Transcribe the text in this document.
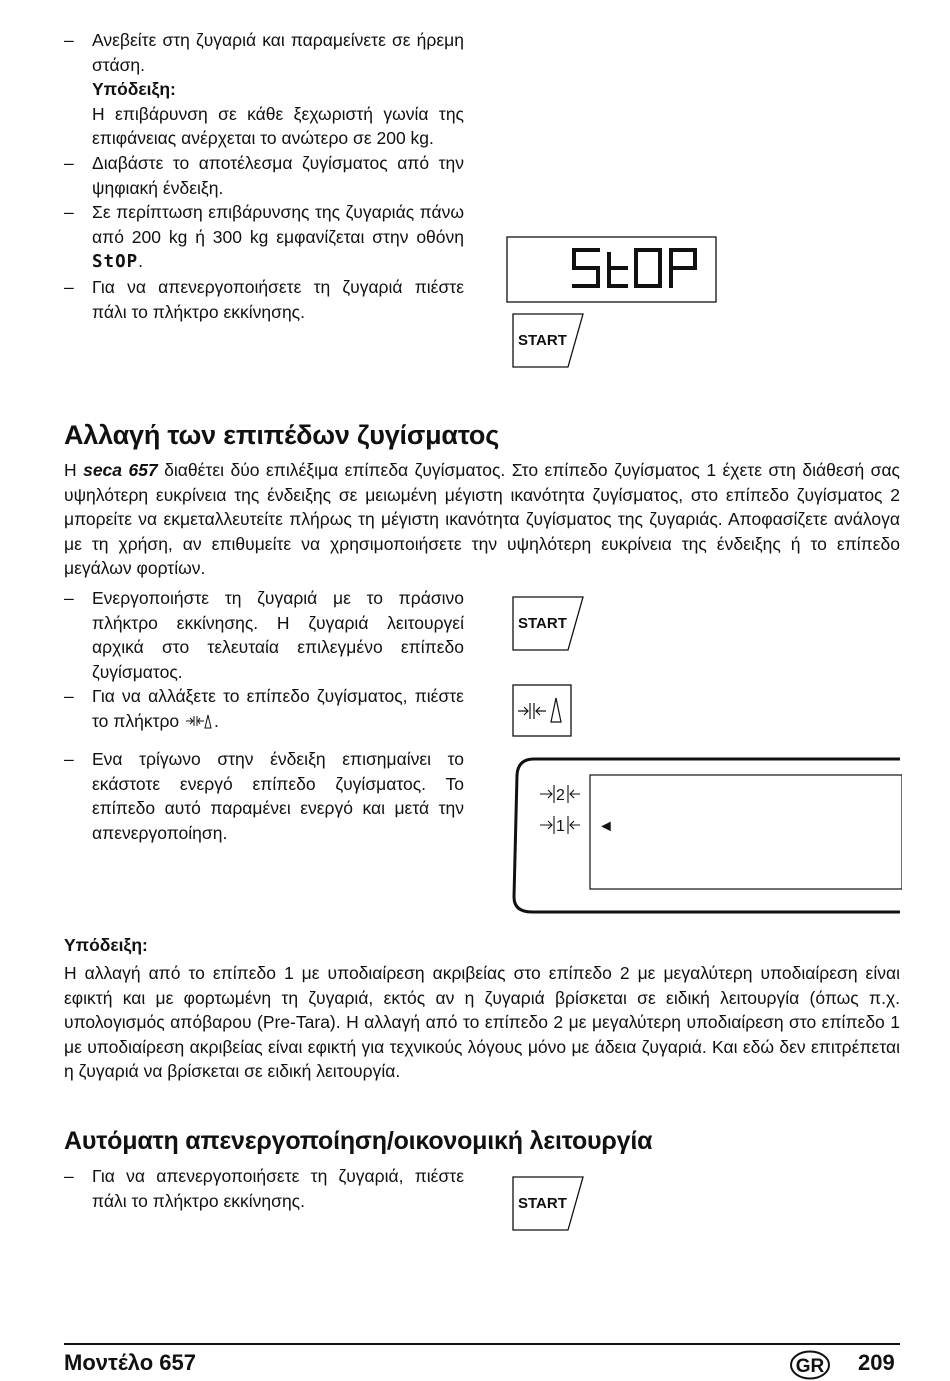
– Ανεβείτε στη ζυγαριά και παραμείνετε σε ήρεμη στάση.
Υπόδειξη:
Η επιβάρυνση σε κάθε ξεχωριστή γωνία της επιφάνειας ανέρχεται το ανώτερο σε 200 kg.
– Διαβάστε το αποτέλεσμα ζυγίσματος από την ψηφιακή ένδειξη.
– Σε περίπτωση επιβάρυνσης της ζυγαριάς πάνω από 200 kg ή 300 kg εμφανίζεται στην οθόνη StOP.
– Για να απενεργοποιήσετε τη ζυγαριά πιέστε πάλι το πλήκτρο εκκίνησης.
START
Αλλαγή των επιπέδων ζυγίσματος
Η seca 657 διαθέτει δύο επιλέξιμα επίπεδα ζυγίσματος. Στο επίπεδο ζυγίσματος 1 έχετε στη διάθεσή σας υψηλότερη ευκρίνεια της ένδειξης σε μειωμένη μέγιστη ικανότητα ζυγίσματος, στο επίπεδο ζυγίσματος 2 μπορείτε να εκμεταλλευτείτε πλήρως τη μέγιστη ικανότητα ζυγίσματος της ζυγαριάς. Αποφασίζετε ανάλογα με τη χρήση, αν επιθυμείτε να χρησιμοποιήσετε την υψηλότερη ευκρίνεια της ένδειξης ή το επίπεδο μεγάλων φορτίων.
– Ενεργοποιήστε τη ζυγαριά με το πράσινο πλήκτρο εκκίνησης. Η ζυγαριά λειτουργεί αρχικά στο τελευταία επιλεγμένο επίπεδο ζυγίσματος.
– Για να αλλάξετε το επίπεδο ζυγίσματος, πιέστε το πλήκτρο .
– Ενα τρίγωνο στην ένδειξη επισημαίνει το εκάστοτε ενεργό επίπεδο ζυγίσματος. Το επίπεδο αυτό παραμένει ενεργό και μετά την απενεργοποίηση.
START
2
1 ◄
Υπόδειξη:
Η αλλαγή από το επίπεδο 1 με υποδιαίρεση ακριβείας στο επίπεδο 2 με μεγαλύτερη υποδιαίρεση είναι εφικτή και με φορτωμένη τη ζυγαριά, εκτός αν η ζυγαριά βρίσκεται σε ειδική λειτουργία (όπως π.χ. υπολογισμός απόβαρου (Pre-Tara). Η αλλαγή από το επίπεδο 2 με μεγαλύτερη υποδιαίρεση στο επίπεδο 1 με υποδιαίρεση ακριβείας είναι εφικτή για τεχνικούς λόγους μόνο με άδεια ζυγαριά. Και εδώ δεν επιτρέπεται η ζυγαριά να βρίσκεται σε ειδική λειτουργία.
Αυτόματη απενεργοποίηση/οικονομική λειτουργία
– Για να απενεργοποιήσετε τη ζυγαριά, πιέστε πάλι το πλήκτρο εκκίνησης.	START
Μοντέλο 657	GR 209
